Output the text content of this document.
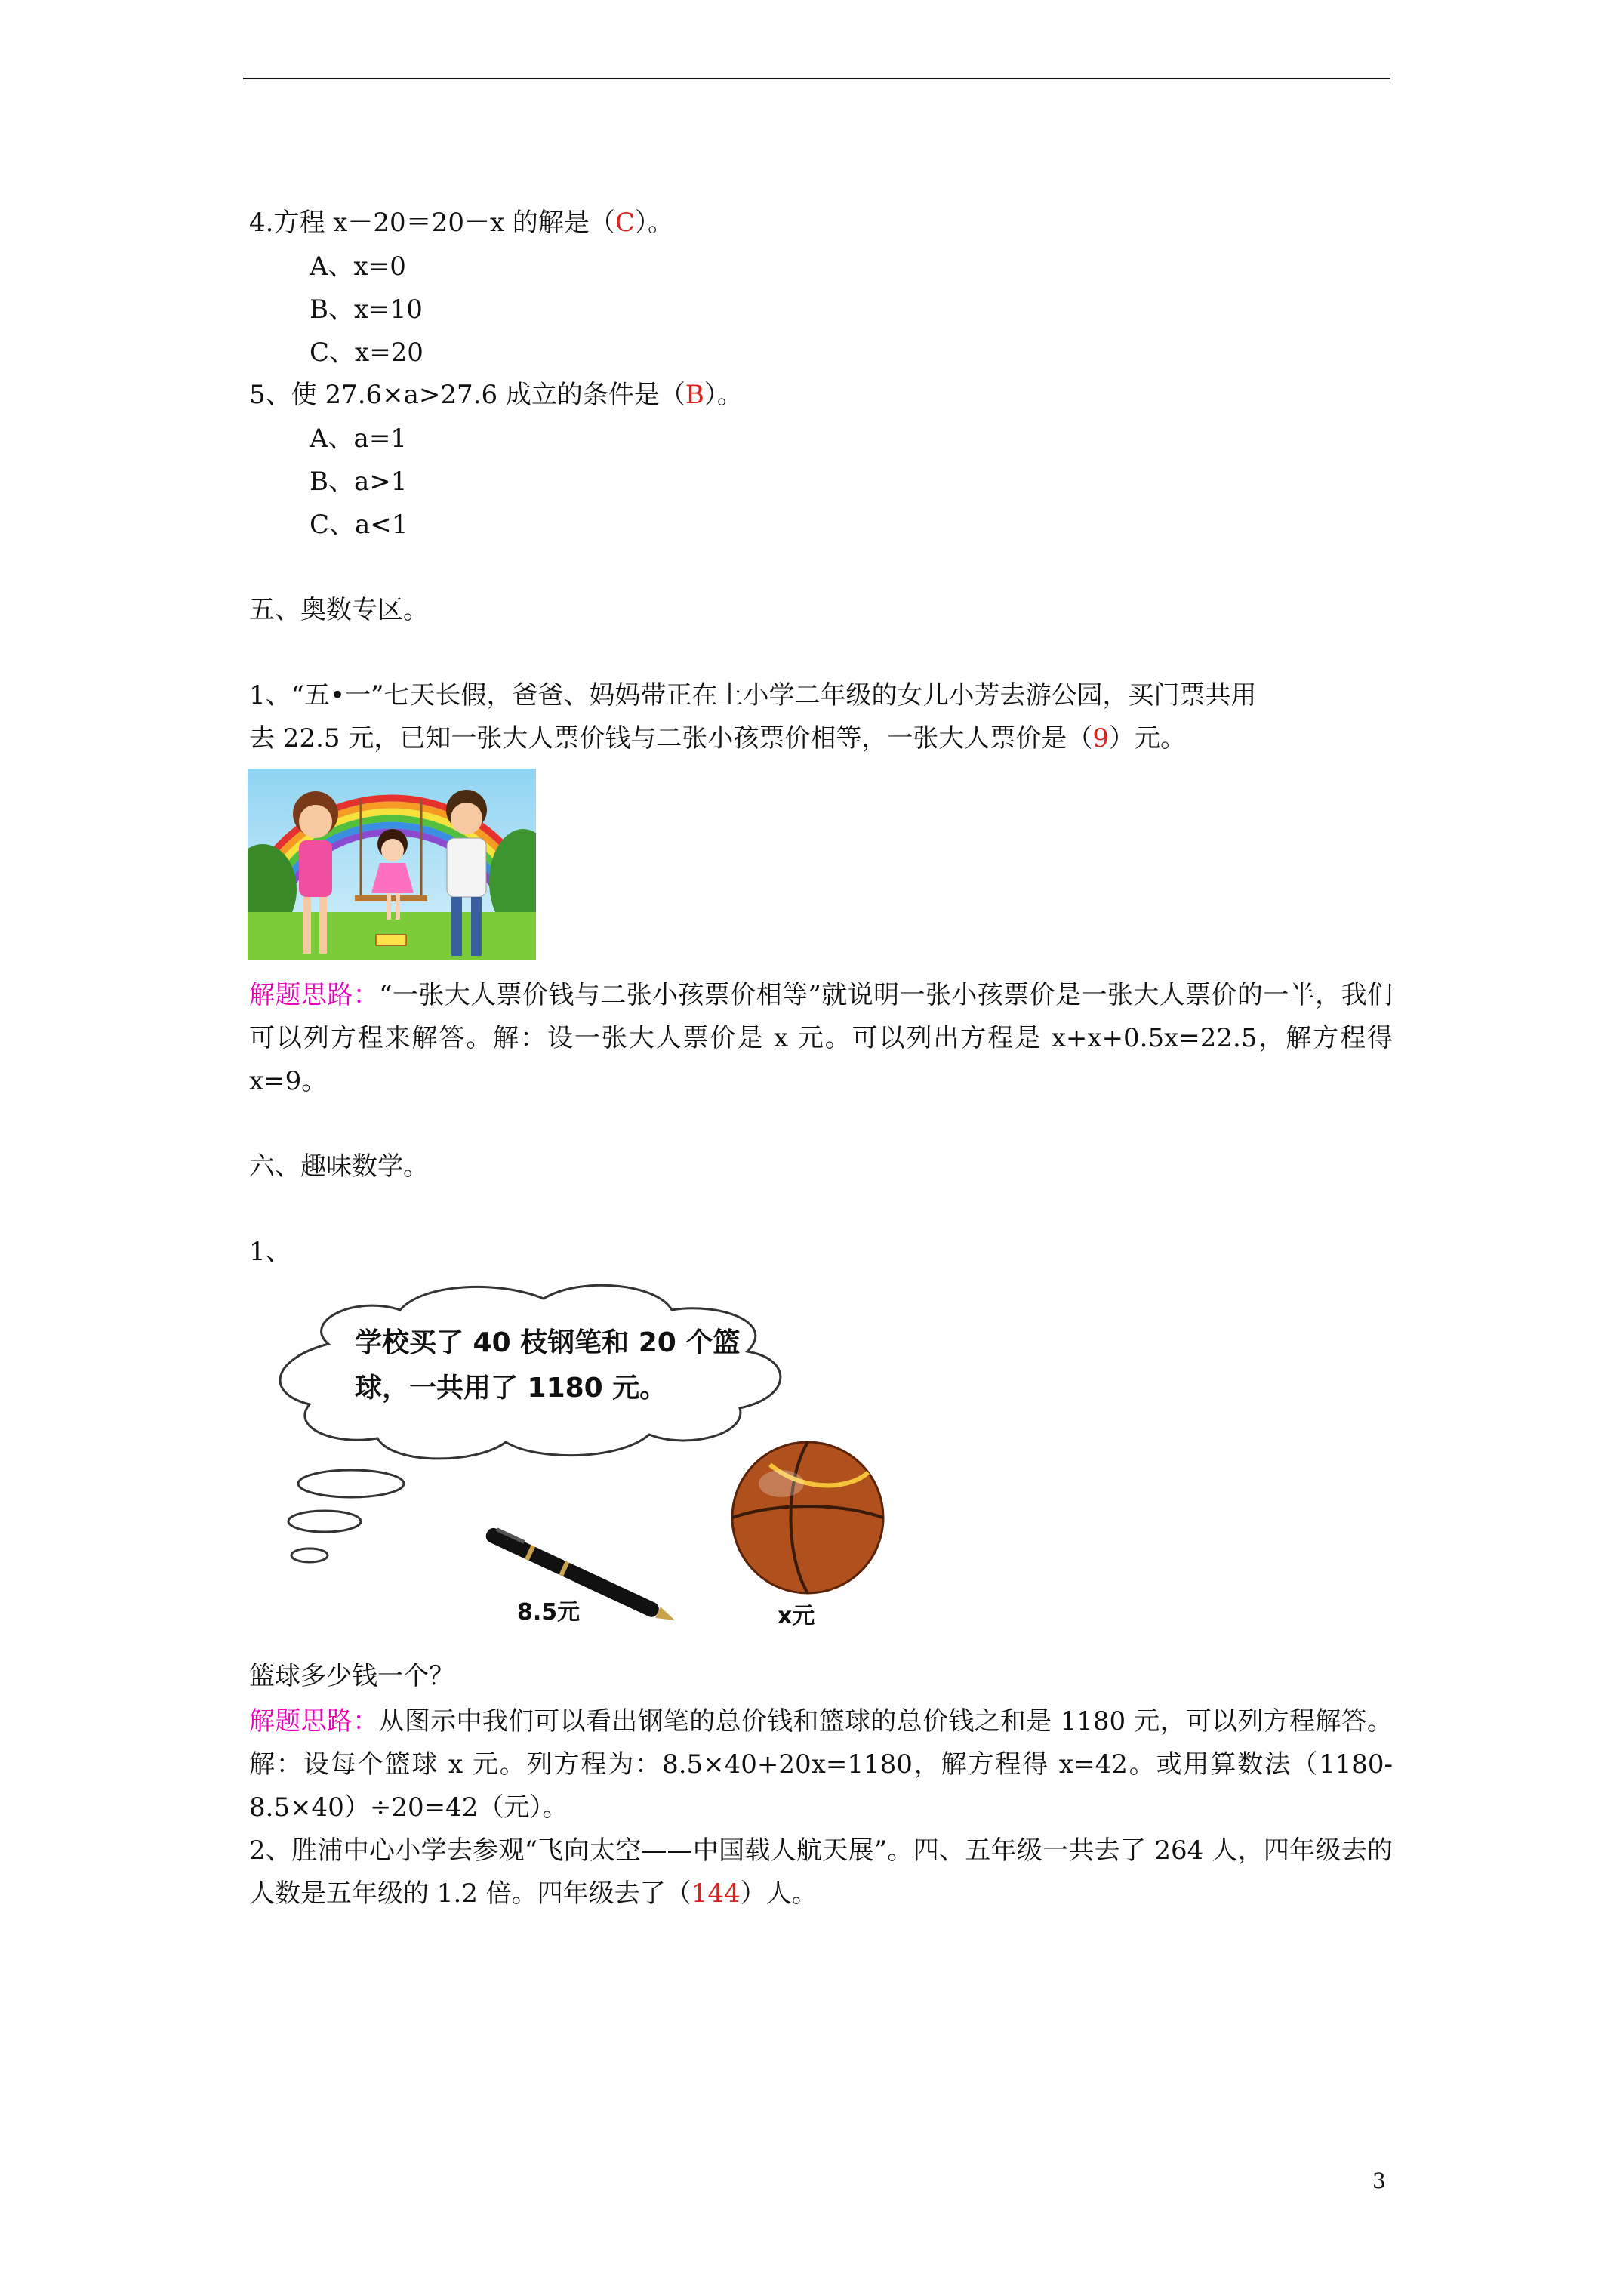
4.方程 x－20＝20－x 的解是（C）。
A、x=0
B、x=10
C、x=20
5、使 27.6×a>27.6 成立的条件是（B）。
A、a=1
B、a>1
C、a<1
五、奥数专区。
1、“五•一”七天长假，爸爸、妈妈带正在上小学二年级的女儿小芳去游公园，买门票共用
去 22.5 元，已知一张大人票价钱与二张小孩票价相等，一张大人票价是（9）元。
解题思路：“一张大人票价钱与二张小孩票价相等”就说明一张小孩票价是一张大人票价的一半，我们可以列方程来解答。解：设一张大人票价是 x 元。可以列出方程是 x+x+0.5x=22.5，解方程得 x=9。
六、趣味数学。
1、
学校买了 40 枝钢笔和 20 个篮
球，一共用了 1180 元。
8.5元	x元
篮球多少钱一个？
解题思路：从图示中我们可以看出钢笔的总价钱和篮球的总价钱之和是 1180 元，可以列方程解答。解：设每个篮球 x 元。列方程为：8.5×40+20x=1180，解方程得 x=42。或用算数法（1180-8.5×40）÷20=42（元）。
2、胜浦中心小学去参观“飞向太空——中国载人航天展”。四、五年级一共去了 264 人，四年级去的人数是五年级的 1.2 倍。四年级去了（144）人。
3
